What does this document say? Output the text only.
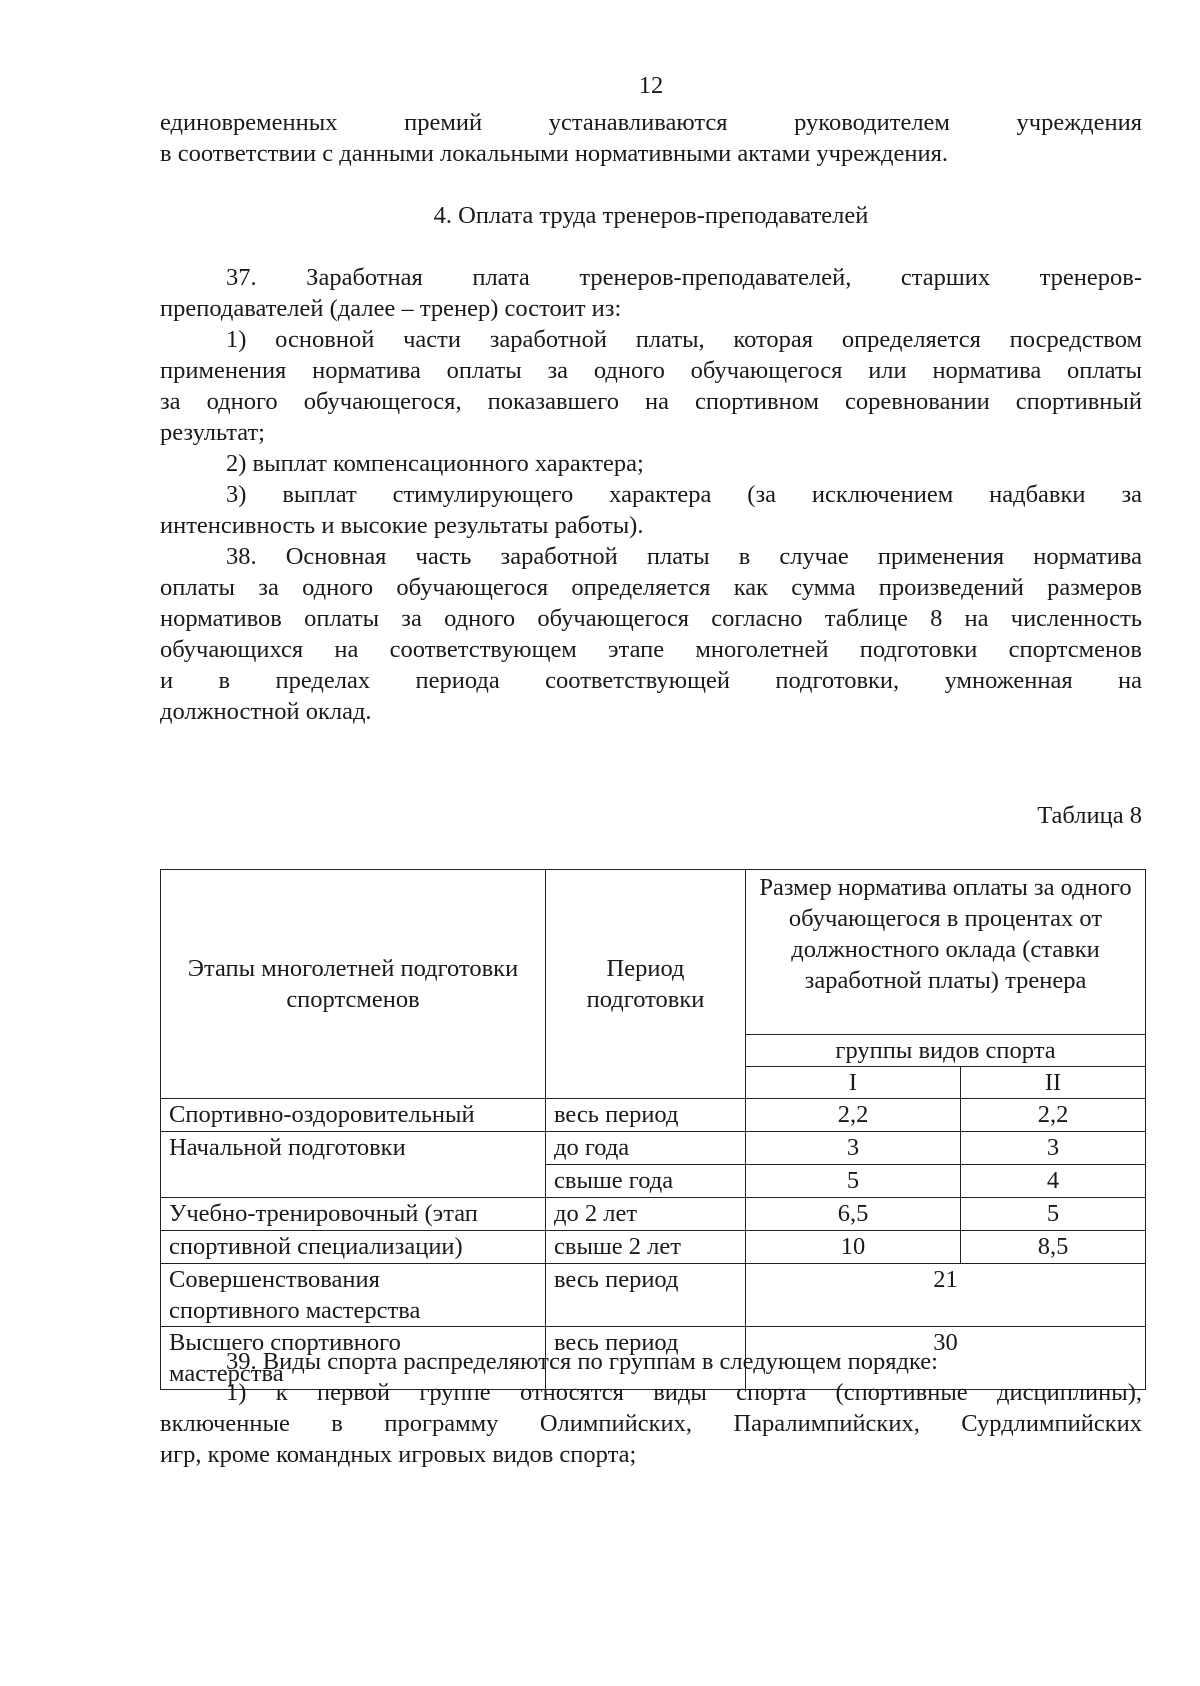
12

единовременных премий устанавливаются руководителем учреждения

в соответствии с данными локальными нормативными актами учреждения.

4. Оплата труда тренеров-преподавателей

37. Заработная плата тренеров-преподавателей, старших тренеров-

преподавателей (далее – тренер) состоит из:

1) основной части заработной платы, которая определяется посредством

применения норматива оплаты за одного обучающегося или норматива оплаты

за одного обучающегося, показавшего на спортивном соревновании спортивный

результат;

2) выплат компенсационного характера;

3) выплат стимулирующего характера (за исключением надбавки за

интенсивность и высокие результаты работы).

38. Основная часть заработной платы в случае применения норматива

оплаты за одного обучающегося определяется как сумма произведений размеров

нормативов оплаты за одного обучающегося согласно таблице 8 на численность

обучающихся на соответствующем этапе многолетней подготовки спортсменов

и в пределах периода соответствующей подготовки, умноженная на

должностной оклад.

Таблица 8
Этапы многолетней подготовки спортсменов	Период подготовки	Размер норматива оплаты за одного обучающегося в процентах от должностного оклада (ставки заработной платы) тренера	
		группы видов спорта	
		I	II
Спортивно-оздоровительный	весь период	2,2	2,2
Начальной подготовки	до года	3	3
	свыше года	5	4
Учебно-тренировочный (этап	до 2 лет	6,5	5
спортивной специализации)	свыше 2 лет	10	8,5

Совершенствования
спортивного мастерства	весь период	21	

Высшего спортивного
мастерства	весь период	30	

39. Виды спорта распределяются по группам в следующем порядке:

1) к первой группе относятся виды спорта (спортивные дисциплины),

включенные в программу Олимпийских, Паралимпийских, Сурдлимпийских

игр, кроме командных игровых видов спорта;
